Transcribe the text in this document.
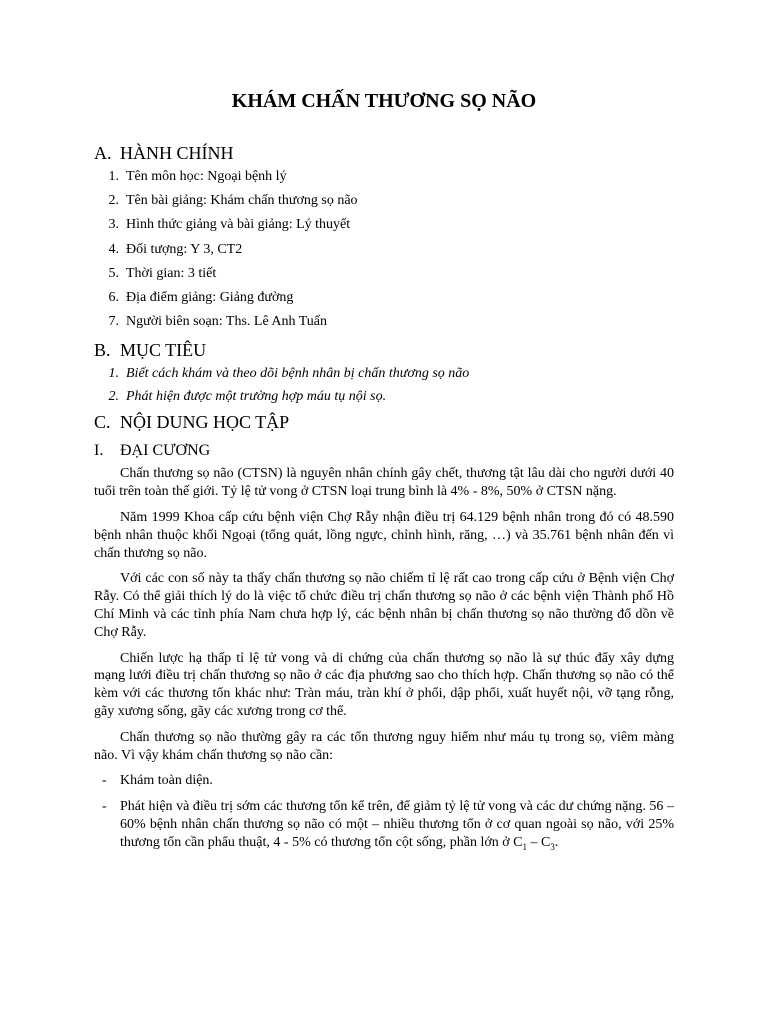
KHÁM CHẤN THƯƠNG SỌ NÃO
A. HÀNH CHÍNH
1. Tên môn học: Ngoại bệnh lý
2. Tên bài giảng: Khám chấn thương sọ não
3. Hình thức giảng và bài giảng: Lý thuyết
4. Đối tượng: Y 3, CT2
5. Thời gian: 3 tiết
6. Địa điểm giảng: Giảng đường
7. Người biên soạn: Ths. Lê Anh Tuấn
B. MỤC TIÊU
1. Biết cách khám và theo dõi bệnh nhân bị chấn thương sọ não
2. Phát hiện được một trường hợp máu tụ nội sọ.
C. NỘI DUNG HỌC TẬP
I.	ĐẠI CƯƠNG

Chấn thương sọ não (CTSN) là nguyên nhân chính gây chết, thương tật lâu dài cho người dưới 40 tuổi trên toàn thế giới. Tỷ lệ tử vong ở CTSN loại trung bình là 4% - 8%, 50% ở CTSN nặng.

Năm 1999 Khoa cấp cứu bệnh viện Chợ Rẫy nhận điều trị 64.129 bệnh nhân trong đó có 48.590 bệnh nhân thuộc khối Ngoại (tổng quát, lồng ngực, chỉnh hình, răng, …) và 35.761 bệnh nhân đến vì chấn thương sọ não.

Với các con số này ta thấy chấn thương sọ não chiếm tỉ lệ rất cao trong cấp cứu ở Bệnh viện Chợ Rẫy. Có thể giải thích lý do là việc tổ chức điều trị chấn thương sọ não ở các bệnh viện Thành phố Hồ Chí Minh và các tỉnh phía Nam chưa hợp lý, các bệnh nhân bị chấn thương sọ não thường đổ dồn về Chợ Rẫy.

Chiến lược hạ thấp tỉ lệ tử vong và di chứng của chấn thương sọ não là sự thúc đẩy xây dựng mạng lưới điều trị chấn thương sọ não ở các địa phương sao cho thích hợp. Chấn thương sọ não có thể kèm với các thương tổn khác như: Tràn máu, tràn khí ở phổi, dập phổi, xuất huyết nội, vỡ tạng rỗng, gãy xương sống, gãy các xương trong cơ thể.

Chấn thương sọ não thường gây ra các tổn thương nguy hiểm như máu tụ trong sọ, viêm màng não. Vì vậy khám chấn thương sọ não cần:

- Khám toàn diện.
- Phát hiện và điều trị sớm các thương tổn kể trên, để giảm tỷ lệ tử vong và các dư chứng nặng. 56 – 60% bệnh nhân chấn thương sọ não có một – nhiều thương tổn ở cơ quan ngoài sọ não, với 25% thương tổn cần phẩu thuật, 4 - 5% có thương tổn cột sống, phần lớn ở $C_1 - C_3$.
